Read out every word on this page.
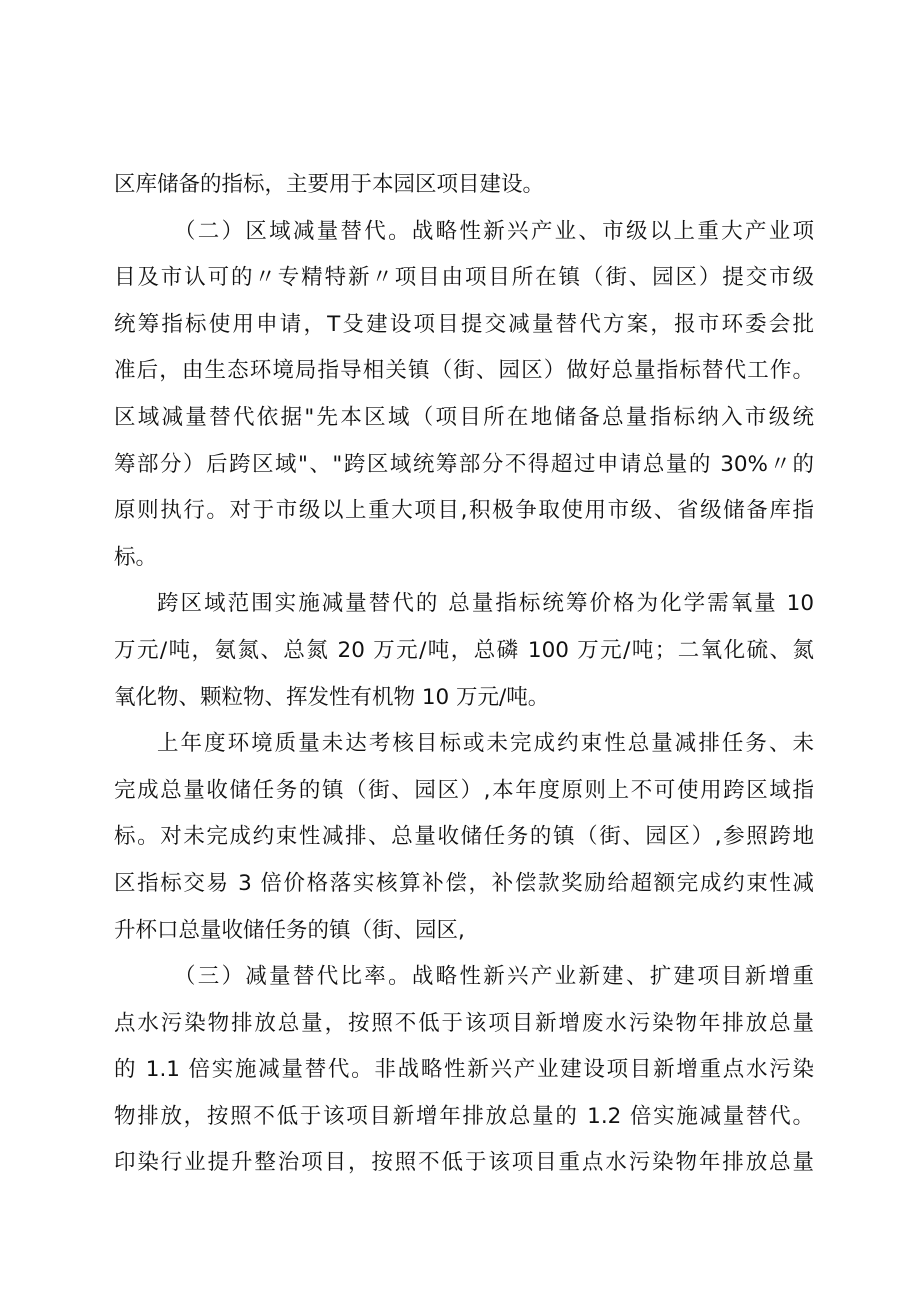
区库储备的指标，主要用于本园区项目建设。
（二）区域减量替代。战略性新兴产业、市级以上重大产业项
目及市认可的〃专精特新〃项目由项目所在镇（街、园区）提交市级
统筹指标使用申请，T殳建设项目提交减量替代方案，报市环委会批
准后，由生态环境局指导相关镇（街、园区）做好总量指标替代工作。
区域减量替代依据"先本区域（项目所在地储备总量指标纳入市级统
筹部分）后跨区域"、"跨区域统筹部分不得超过申请总量的 30%〃的
原则执行。对于市级以上重大项目,积极争取使用市级、省级储备库指
标。
跨区域范围实施减量替代的 总量指标统筹价格为化学需氧量 10
万元/吨，氨氮、总氮 20 万元/吨，总磷 100 万元/吨；二氧化硫、氮
氧化物、颗粒物、挥发性有机物 10 万元/吨。
上年度环境质量未达考核目标或未完成约束性总量减排任务、未
完成总量收储任务的镇（街、园区）,本年度原则上不可使用跨区域指
标。对未完成约束性减排、总量收储任务的镇（街、园区）,参照跨地
区指标交易 3 倍价格落实核算补偿，补偿款奖励给超额完成约束性减
升杯口总量收储任务的镇（街、园区,
（三）减量替代比率。战略性新兴产业新建、扩建项目新增重
点水污染物排放总量，按照不低于该项目新增废水污染物年排放总量
的 1.1 倍实施减量替代。非战略性新兴产业建设项目新增重点水污染
物排放，按照不低于该项目新增年排放总量的 1.2 倍实施减量替代。
印染行业提升整治项目，按照不低于该项目重点水污染物年排放总量
